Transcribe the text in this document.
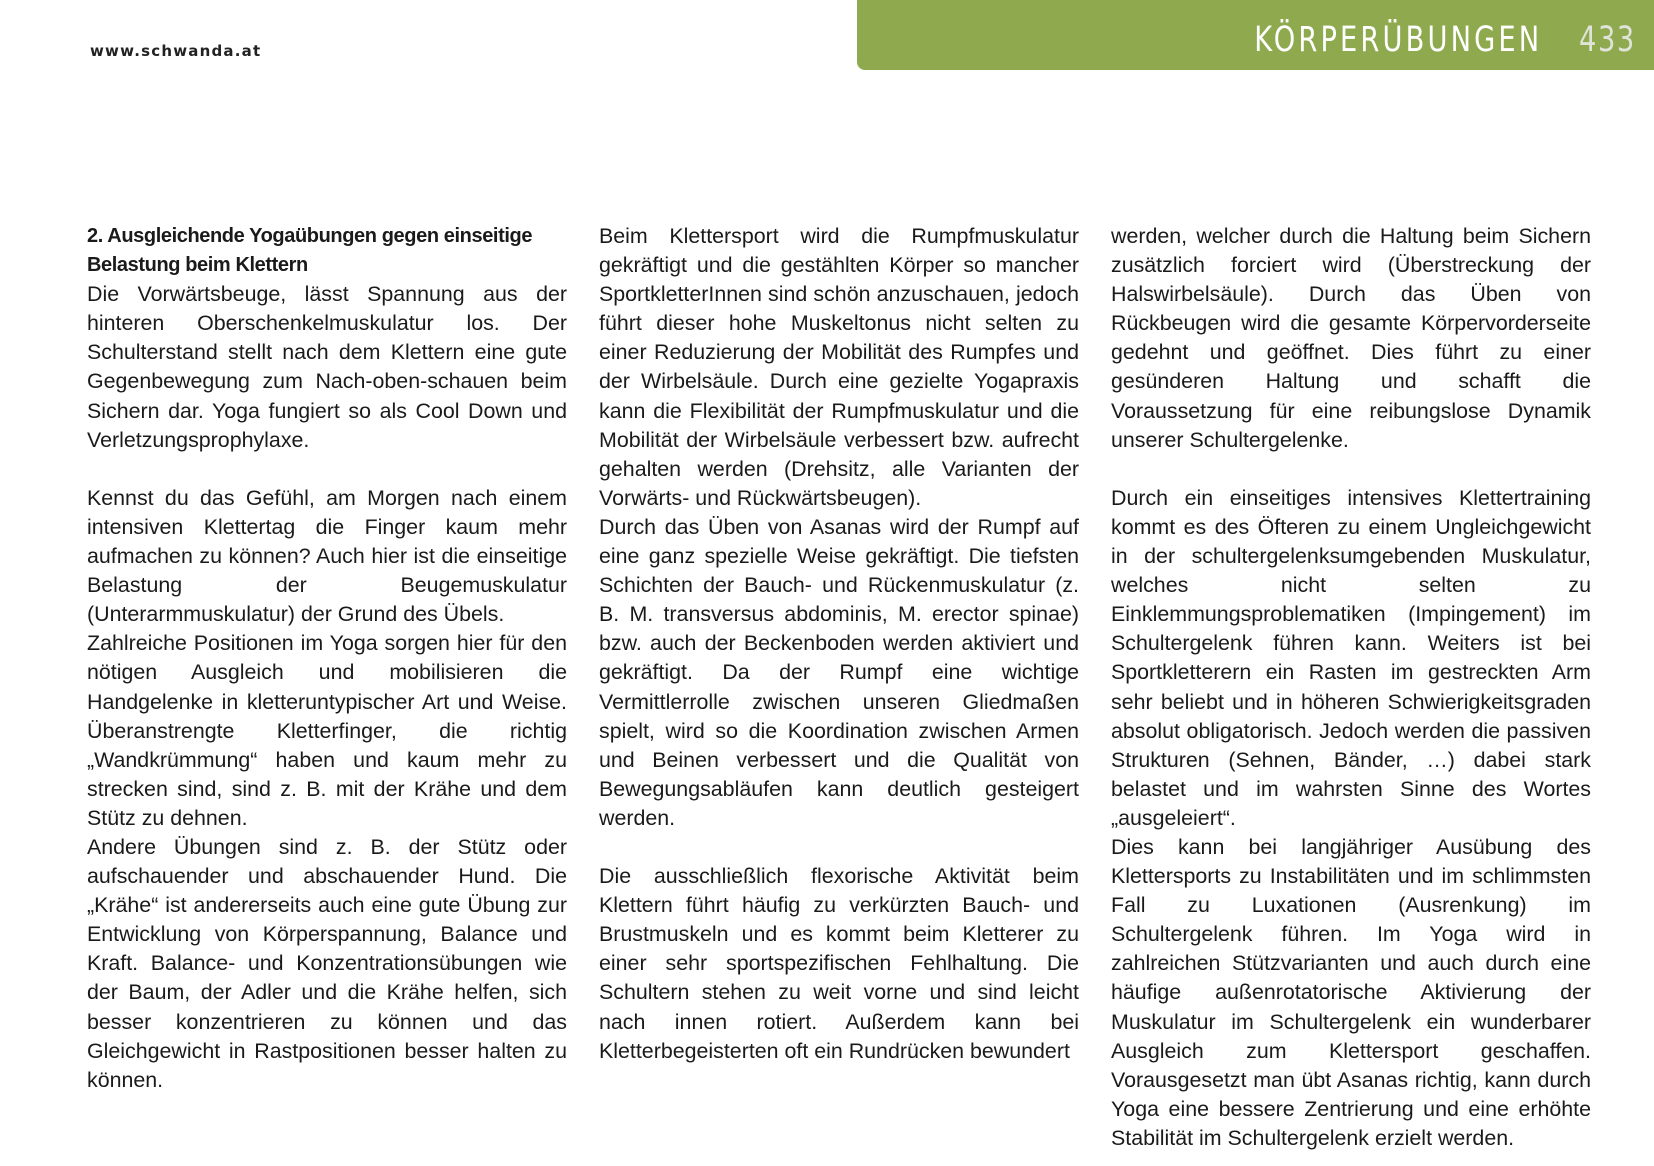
www.schwanda.at	KÖRPERÜBUNGEN 433

2. Ausgleichende Yogaübungen gegen einseitige Belastung beim Klettern

Die Vorwärtsbeuge, lässt Spannung aus der hinteren Oberschenkelmuskulatur los. Der Schulterstand stellt nach dem Klettern eine gute Gegenbewegung zum Nach-oben-schauen beim Sichern dar. Yoga fungiert so als Cool Down und Verletzungsprophylaxe.

Kennst du das Gefühl, am Morgen nach einem intensiven Klettertag die Finger kaum mehr aufmachen zu können? Auch hier ist die einseitige Belastung der Beugemuskulatur (Unterarmmuskulatur) der Grund des Übels.

Zahlreiche Positionen im Yoga sorgen hier für den nötigen Ausgleich und mobilisieren die Handgelenke in kletteruntypischer Art und Weise. Überanstrengte Kletterfinger, die richtig „Wandkrümmung“ haben und kaum mehr zu strecken sind, sind z. B. mit der Krähe und dem Stütz zu dehnen.

Andere Übungen sind z. B. der Stütz oder aufschauender und abschauender Hund. Die „Krähe“ ist andererseits auch eine gute Übung zur Entwicklung von Körperspannung, Balance und Kraft. Balance- und Konzentrationsübungen wie der Baum, der Adler und die Krähe helfen, sich besser konzentrieren zu können und das Gleichgewicht in Rastpositionen besser halten zu können.

Beim Klettersport wird die Rumpfmuskulatur gekräftigt und die gestählten Körper so mancher SportkletterInnen sind schön anzuschauen, jedoch führt dieser hohe Muskeltonus nicht selten zu einer Reduzierung der Mobilität des Rumpfes und der Wirbelsäule. Durch eine gezielte Yogapraxis kann die Flexibilität der Rumpfmuskulatur und die Mobilität der Wirbelsäule verbessert bzw. aufrecht gehalten werden (Drehsitz, alle Varianten der Vorwärts- und Rückwärtsbeugen).

Durch das Üben von Asanas wird der Rumpf auf eine ganz spezielle Weise gekräftigt. Die tiefsten Schichten der Bauch- und Rückenmuskulatur (z. B. M. transversus abdominis, M. erector spinae) bzw. auch der Beckenboden werden aktiviert und gekräftigt. Da der Rumpf eine wichtige Vermittlerrolle zwischen unseren Gliedmaßen spielt, wird so die Koordination zwischen Armen und Beinen verbessert und die Qualität von Bewegungsabläufen kann deutlich gesteigert werden.

Die ausschließlich flexorische Aktivität beim Klettern führt häufig zu verkürzten Bauch- und Brustmuskeln und es kommt beim Kletterer zu einer sehr sportspezifischen Fehlhaltung. Die Schultern stehen zu weit vorne und sind leicht nach innen rotiert. Außerdem kann bei Kletterbegeisterten oft ein Rundrücken bewundert

werden, welcher durch die Haltung beim Sichern zusätzlich forciert wird (Überstreckung der Halswirbelsäule). Durch das Üben von Rückbeugen wird die gesamte Körpervorderseite gedehnt und geöffnet. Dies führt zu einer gesünderen Haltung und schafft die Voraussetzung für eine reibungslose Dynamik unserer Schultergelenke.

Durch ein einseitiges intensives Klettertraining kommt es des Öfteren zu einem Ungleichgewicht in der schultergelenksumgebenden Muskulatur, welches nicht selten zu Einklemmungsproblematiken (Impingement) im Schultergelenk führen kann. Weiters ist bei Sportkletterern ein Rasten im gestreckten Arm sehr beliebt und in höheren Schwierigkeitsgraden absolut obligatorisch. Jedoch werden die passiven Strukturen (Sehnen, Bänder, …) dabei stark belastet und im wahrsten Sinne des Wortes „ausgeleiert“.

Dies kann bei langjähriger Ausübung des Klettersports zu Instabilitäten und im schlimmsten Fall zu Luxationen (Ausrenkung) im Schultergelenk führen. Im Yoga wird in zahlreichen Stützvarianten und auch durch eine häufige außenrotatorische Aktivierung der Muskulatur im Schultergelenk ein wunderbarer Ausgleich zum Klettersport geschaffen. Vorausgesetzt man übt Asanas richtig, kann durch Yoga eine bessere Zentrierung und eine erhöhte Stabilität im Schultergelenk erzielt werden.
